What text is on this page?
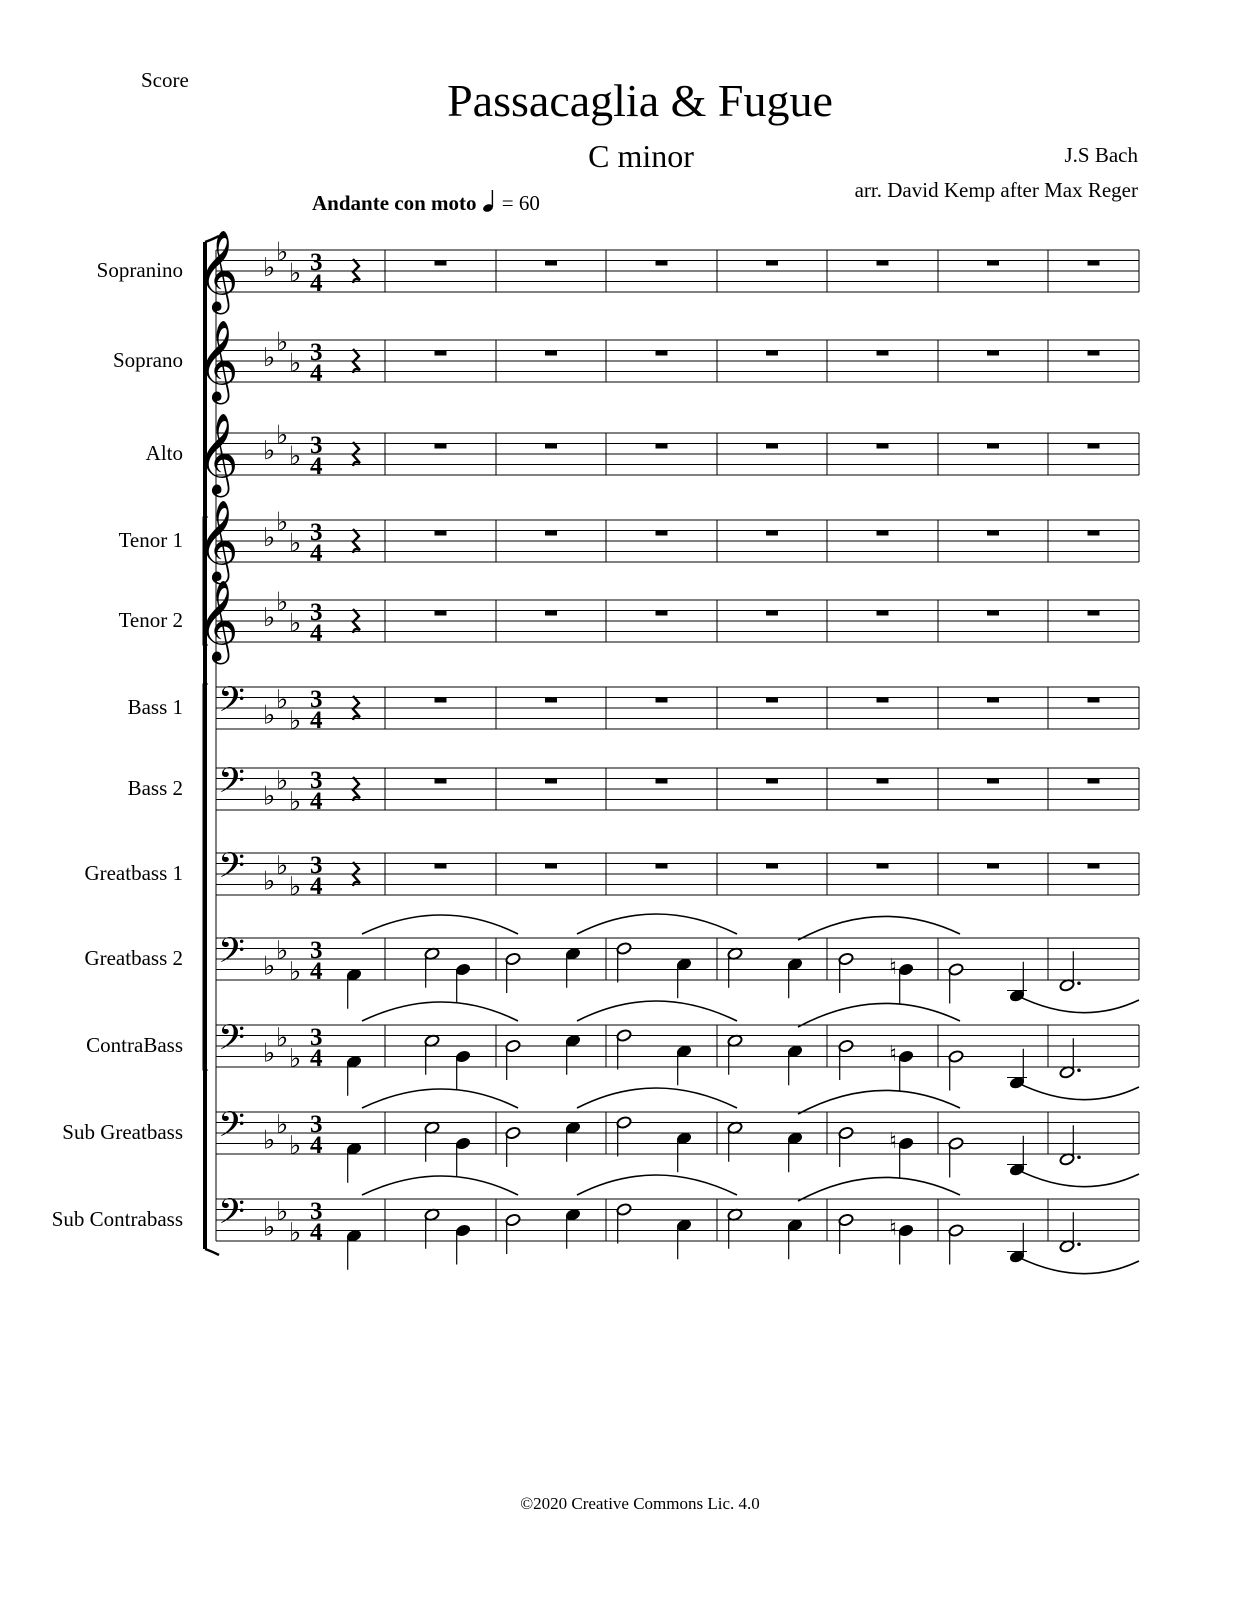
Score	Passacaglia & Fugue
C minor	J.S Bach
arr. David Kemp after Max Reger
Andante con moto = 60
Sopranino
Soprano
Alto
Tenor 1
Tenor 2
Bass 1
Bass 2
Greatbass 1
Greatbass 2
ContraBass
Sub Greatbass
Sub Contrabass
𝄞 ♭
♭
♭ 3
4
𝄞 ♭
♭
♭ 3
4
𝄞 ♭
♭
♭ 3
4
𝄞 ♭
♭
♭ 3
4
𝄞 ♭
♭
♭ 3
4
𝄢 ♭
♭
♭
3
4
𝄢 ♭
♭
♭
3
4
𝄢 ♭
♭
♭
3
4
𝄢 ♭
♭
♭
3
4	♮
𝄢 ♭
♭
♭
3
4	♮
𝄢 ♭
♭
♭
3
4	♮
𝄢 ♭
♭
♭
3
4	♮
©2020 Creative Commons Lic. 4.0
